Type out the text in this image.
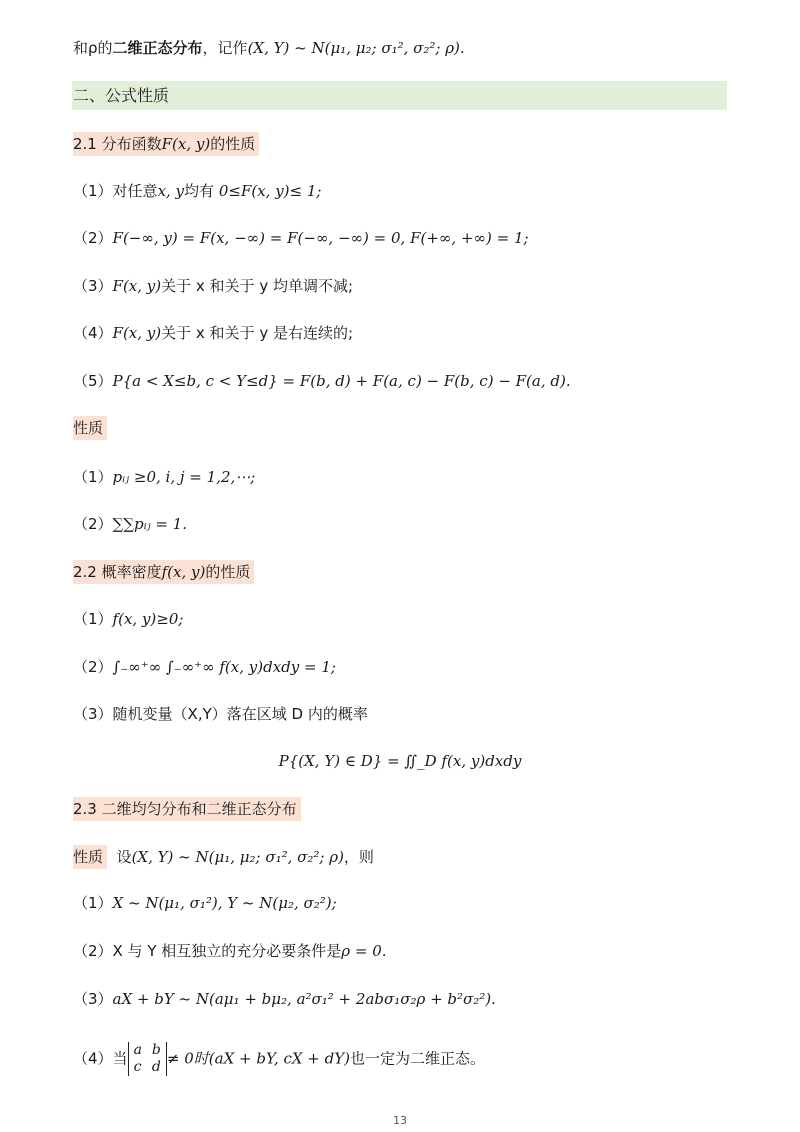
和ρ的二维正态分布，记作(X, Y) ~ N(μ₁, μ₂; σ₁², σ₂²; ρ).
二、公式性质
2.1 分布函数F(x, y)的性质
（1）对任意x, y均有 0≤F(x, y)≤ 1;
（2）F(−∞, y) = F(x, −∞) = F(−∞, −∞) = 0, F(+∞, +∞) = 1;
（3）F(x, y)关于 x 和关于 y 均单调不减;
（4）F(x, y)关于 x 和关于 y 是右连续的;
（5）P{a < X≤b, c < Y≤d} = F(b, d) + F(a, c) − F(b, c) − F(a, d).
性质
（1）pᵢⱼ ≥0, i, j = 1,2,⋯;
（2）∑∑pᵢⱼ = 1.
2.2 概率密度f(x, y)的性质
（1）f(x, y)≥0;
（2）∫₋∞⁺∞ ∫₋∞⁺∞ f(x, y)dxdy = 1;
（3）随机变量（X,Y）落在区域 D 内的概率
P{(X, Y) ∈ D} = ∬_D f(x, y)dxdy
2.3 二维均匀分布和二维正态分布
性质 设(X, Y) ~ N(μ₁, μ₂; σ₁², σ₂²; ρ)，则
（1）X ~ N(μ₁, σ₁²), Y ~ N(μ₂, σ₂²);
（2）X 与 Y 相互独立的充分必要条件是ρ = 0.
（3）aX + bY ~ N(aμ₁ + bμ₂, a²σ₁² + 2abσ₁σ₂ρ + b²σ₂²).
（4）当 a	b
c	d ≠ 0时(aX + bY, cX + dY)也一定为二维正态。
13
